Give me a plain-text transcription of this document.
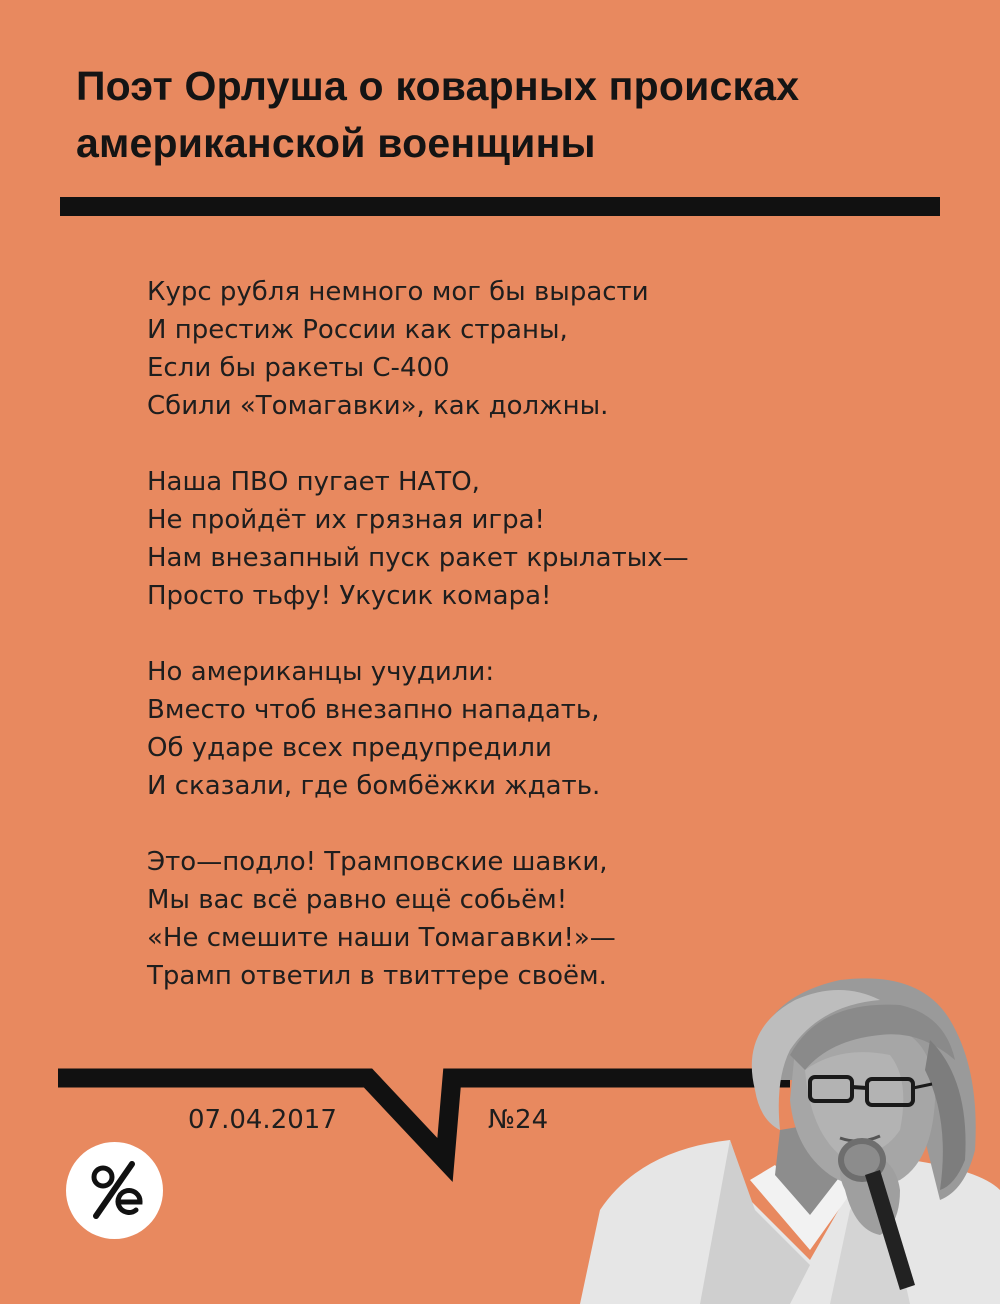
Поэт Орлуша о коварных происках
американской военщины
Курс рубля немного мог бы вырасти
И престиж России как страны,
Если бы ракеты С-400
Сбили «Томагавки», как должны.
Наша ПВО пугает НАТО,
Не пройдёт их грязная игра!
Нам внезапный пуск ракет крылатых—
Просто тьфу! Укусик комара!
Но американцы учудили:
Вместо чтоб внезапно нападать,
Об ударе всех предупредили
И сказали, где бомбёжки ждать.
Это—подло! Трамповские шавки,
Мы вас всё равно ещё собьём!
«Не смешите наши Томагавки!»—
Трамп ответил в твиттере своём.
07.04.2017	№24
